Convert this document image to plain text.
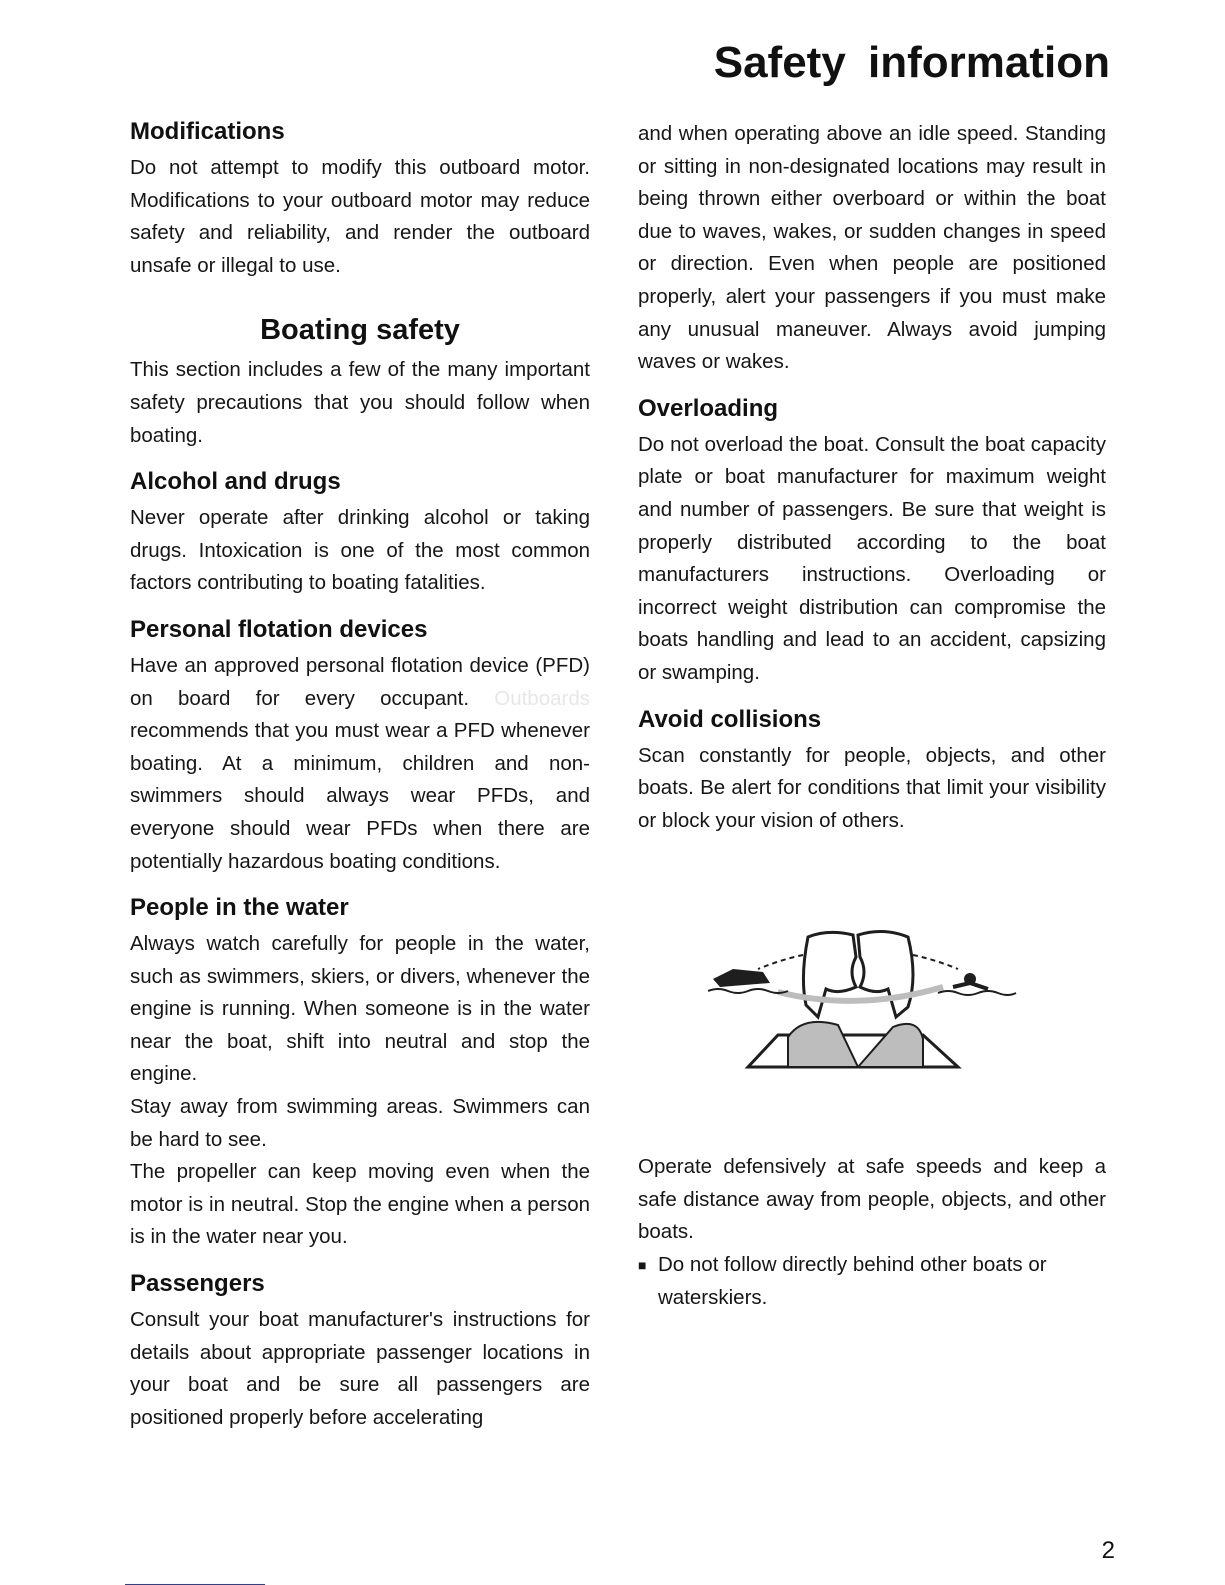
Safety information
Modifications

Do not attempt to modify this outboard motor. Modifications to your outboard motor may reduce safety and reliability, and render the outboard unsafe or illegal to use.

Boating safety

This section includes a few of the many important safety precautions that you should follow when boating.

Alcohol and drugs

Never operate after drinking alcohol or taking drugs. Intoxication is one of the most common factors contributing to boating fatalities.

Personal flotation devices

Have an approved personal flotation device (PFD) on board for every occupant. Outboards recommends that you must wear a PFD whenever boating. At a minimum, children and non-swimmers should always wear PFDs, and everyone should wear PFDs when there are potentially hazardous boating conditions.

People in the water

Always watch carefully for people in the water, such as swimmers, skiers, or divers, whenever the engine is running. When someone is in the water near the boat, shift into neutral and stop the engine.

Stay away from swimming areas. Swimmers can be hard to see.

The propeller can keep moving even when the motor is in neutral. Stop the engine when a person is in the water near you.

Passengers

Consult your boat manufacturer's instructions for details about appropriate passenger locations in your boat and be sure all passengers are positioned properly before accelerating

and when operating above an idle speed. Standing or sitting in non-designated locations may result in being thrown either overboard or within the boat due to waves, wakes, or sudden changes in speed or direction. Even when people are positioned properly, alert your passengers if you must make any unusual maneuver. Always avoid jumping waves or wakes.

Overloading

Do not overload the boat. Consult the boat capacity plate or boat manufacturer for maximum weight and number of passengers. Be sure that weight is properly distributed according to the boat manufacturers instructions. Overloading or incorrect weight distribution can compromise the boats handling and lead to an accident, capsizing or swamping.

Avoid collisions

Scan constantly for people, objects, and other boats. Be alert for conditions that limit your visibility or block your vision of others.

Operate defensively at safe speeds and keep a safe distance away from people, objects, and other boats.

■ Do not follow directly behind other boats or waterskiers.

2
